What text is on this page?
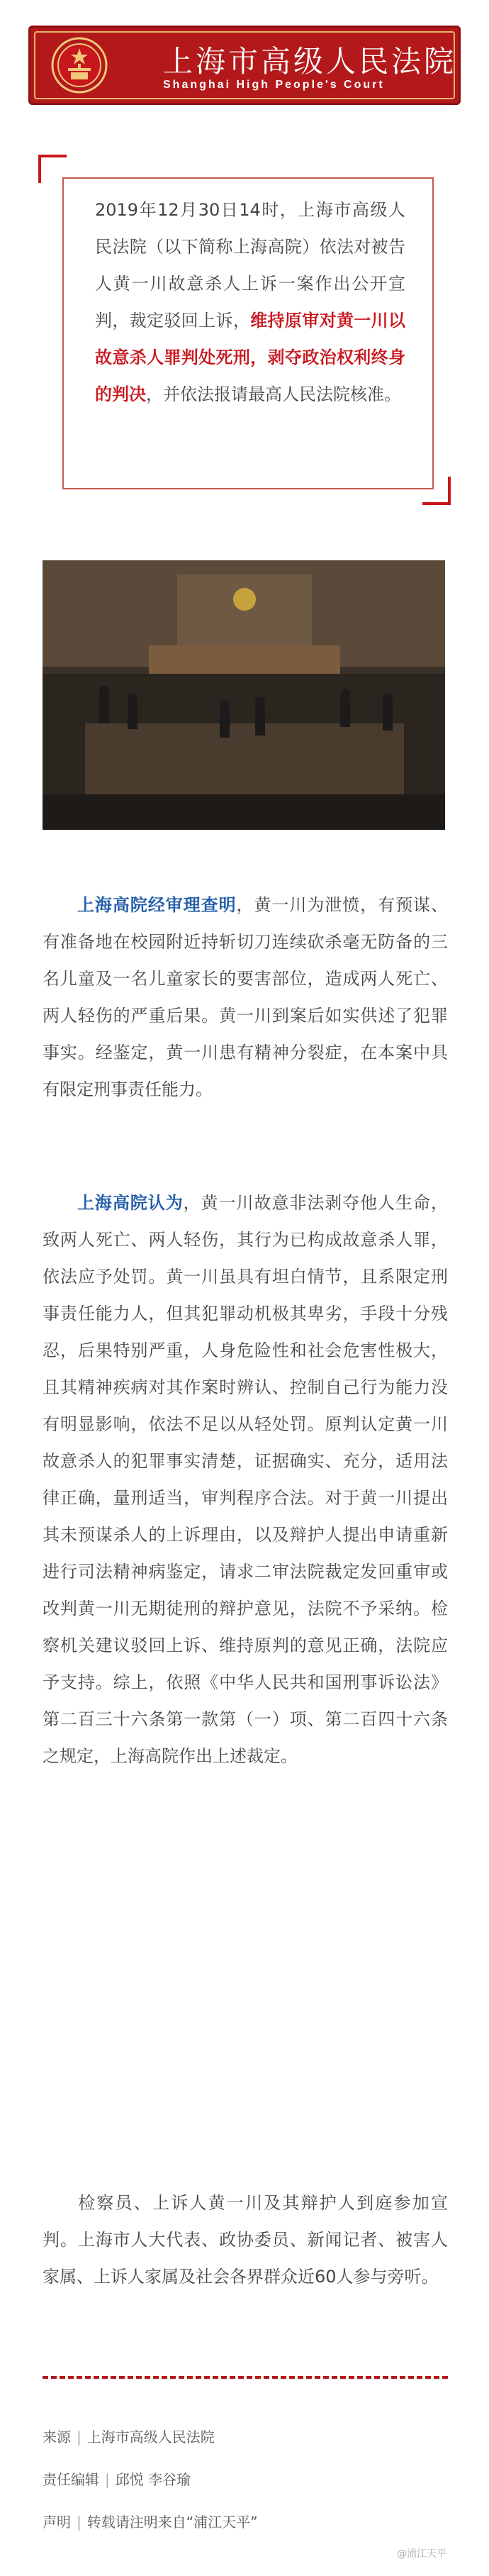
上海市高级人民法院
Shanghai High People's Court
2019年12月30日14时，上海市高级人民法院（以下简称上海高院）依法对被告人黄一川故意杀人上诉一案作出公开宣判，裁定驳回上诉，维持原审对黄一川以故意杀人罪判处死刑，剥夺政治权利终身的判决，并依法报请最高人民法院核准。
上海高院经审理查明，黄一川为泄愤，有预谋、有准备地在校园附近持斩切刀连续砍杀毫无防备的三名儿童及一名儿童家长的要害部位，造成两人死亡、两人轻伤的严重后果。黄一川到案后如实供述了犯罪事实。经鉴定，黄一川患有精神分裂症，在本案中具有限定刑事责任能力。
上海高院认为，黄一川故意非法剥夺他人生命，致两人死亡、两人轻伤，其行为已构成故意杀人罪，依法应予处罚。黄一川虽具有坦白情节，且系限定刑事责任能力人，但其犯罪动机极其卑劣，手段十分残忍，后果特别严重，人身危险性和社会危害性极大，且其精神疾病对其作案时辨认、控制自己行为能力没有明显影响，依法不足以从轻处罚。原判认定黄一川故意杀人的犯罪事实清楚，证据确实、充分，适用法律正确，量刑适当，审判程序合法。对于黄一川提出其未预谋杀人的上诉理由，以及辩护人提出申请重新进行司法精神病鉴定，请求二审法院裁定发回重审或改判黄一川无期徒刑的辩护意见，法院不予采纳。检察机关建议驳回上诉、维持原判的意见正确，法院应予支持。综上，依照《中华人民共和国刑事诉讼法》第二百三十六条第一款第（一）项、第二百四十六条之规定，上海高院作出上述裁定。
检察员、上诉人黄一川及其辩护人到庭参加宣判。上海市人大代表、政协委员、新闻记者、被害人家属、上诉人家属及社会各界群众近60人参与旁听。
来源 | 上海市高级人民法院
责任编辑 | 邱悦 李谷瑜
声明 | 转载请注明来自“浦江天平”
@浦江天平
